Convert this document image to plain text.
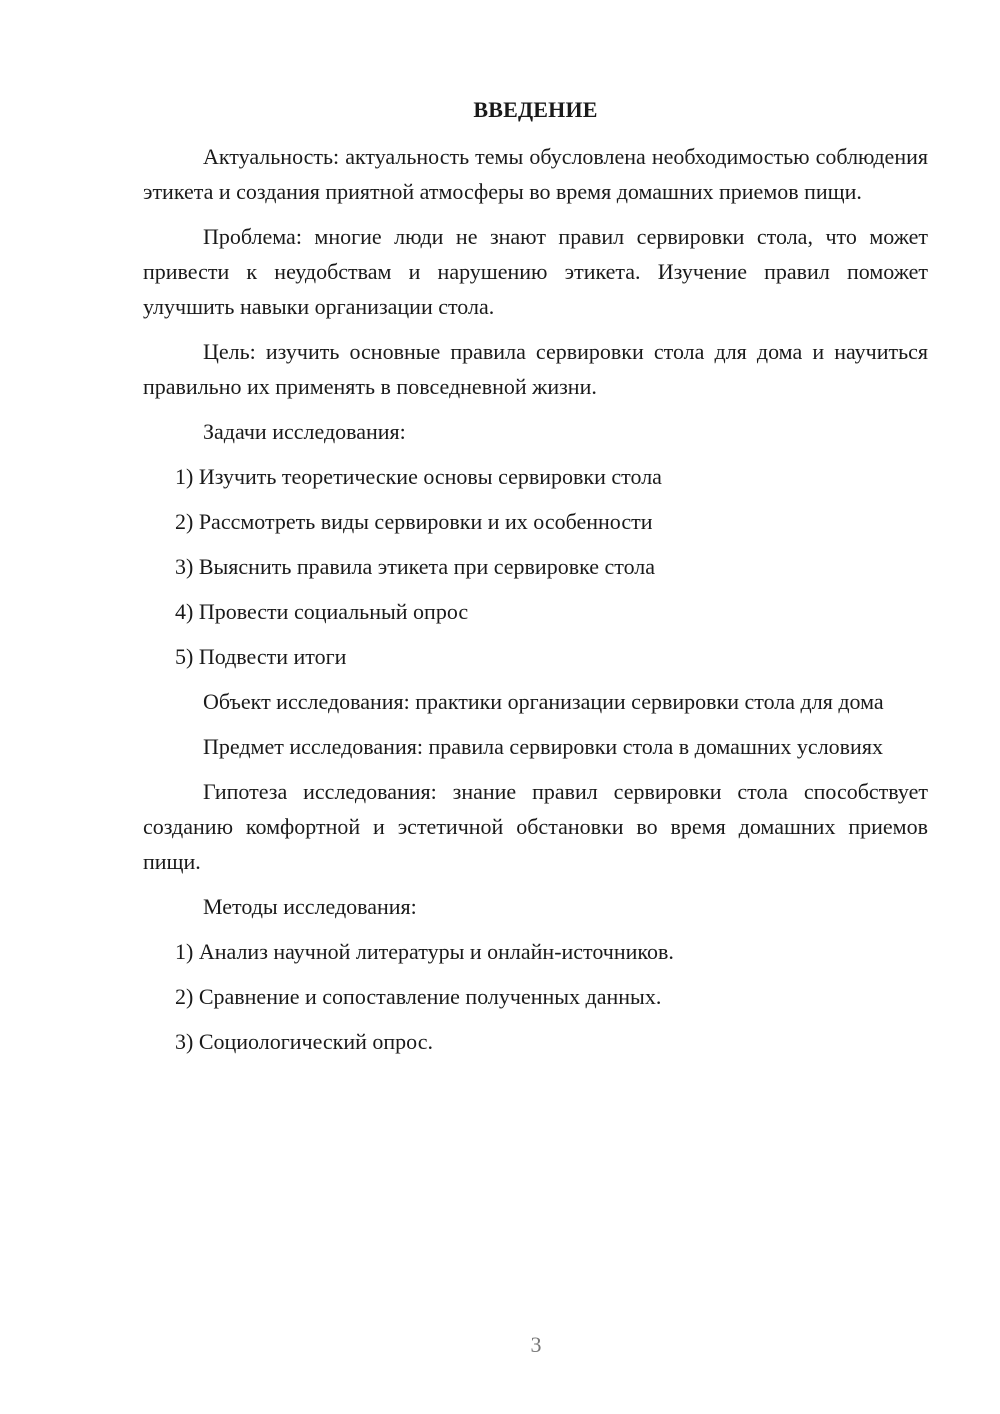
ВВЕДЕНИЕ

Актуальность: актуальность темы обусловлена необходимостью соблюдения этикета и создания приятной атмосферы во время домашних приемов пищи.

Проблема: многие люди не знают правил сервировки стола, что может привести к неудобствам и нарушению этикета. Изучение правил поможет улучшить навыки организации стола.

Цель: изучить основные правила сервировки стола для дома и научиться правильно их применять в повседневной жизни.

Задачи исследования:

1) Изучить теоретические основы сервировки стола
2) Рассмотреть виды сервировки и их особенности
3) Выяснить правила этикета при сервировке стола
4) Провести социальный опрос
5) Подвести итоги

Объект исследования: практики организации сервировки стола для дома

Предмет исследования: правила сервировки стола в домашних условиях

Гипотеза исследования: знание правил сервировки стола способствует созданию комфортной и эстетичной обстановки во время домашних приемов пищи.

Методы исследования:

1) Анализ научной литературы и онлайн-источников.
2) Сравнение и сопоставление полученных данных.
3) Социологический опрос.
3
